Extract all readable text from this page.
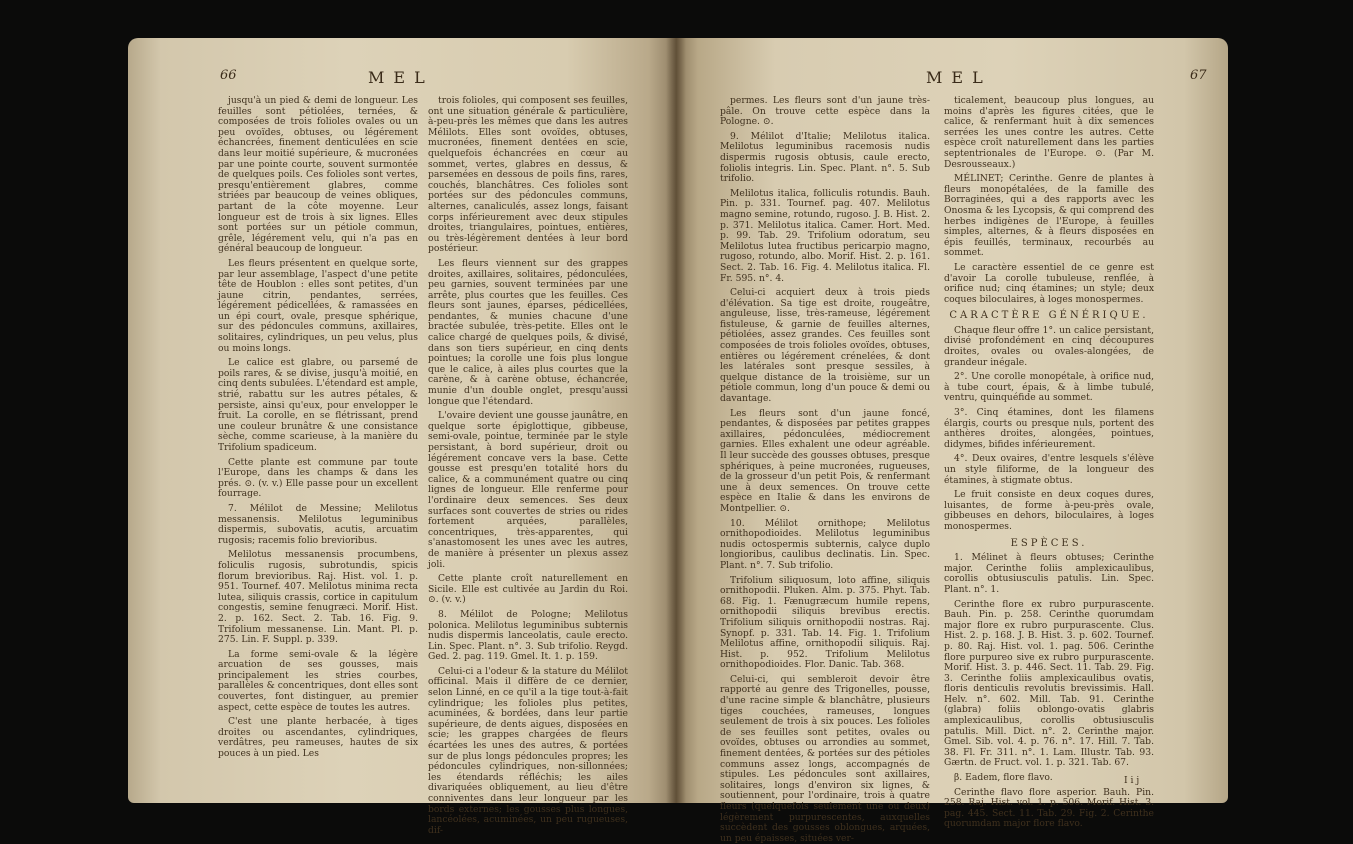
66	MEL

jusqu'à un pied & demi de longueur. Les feuilles sont pétiolées, ternées, & composées de trois folioles ovales ou un peu ovoïdes, obtuses, ou légérement échancrées, finement denticulées en scie dans leur moitié supérieure, & mucronées par une pointe courte, souvent surmontée de quelques poils. Ces folioles sont vertes, presqu'entièrement glabres, comme striées par beaucoup de veines obliques, partant de la côte moyenne. Leur longueur est de trois à six lignes. Elles sont portées sur un pétiole commun, grêle, légérement velu, qui n'a pas en général beaucoup de longueur.

Les fleurs présentent en quelque sorte, par leur assemblage, l'aspect d'une petite tête de Houblon : elles sont petites, d'un jaune citrin, pendantes, serrées, légérement pédicellées, & ramassées en un épi court, ovale, presque sphérique, sur des pédoncules communs, axillaires, solitaires, cylindriques, un peu velus, plus ou moins longs.

Le calice est glabre, ou parsemé de poils rares, & se divise, jusqu'à moitié, en cinq dents subulées. L'étendard est ample, strié, rabattu sur les autres pétales, & persiste, ainsi qu'eux, pour envelopper le fruit. La corolle, en se flétrissant, prend une couleur brunâtre & une consistance sèche, comme scarieuse, à la manière du Trifolium spadiceum.

Cette plante est commune par toute l'Europe, dans les champs & dans les prés. ⊙. (v. v.) Elle passe pour un excellent fourrage.

7. Mélilot de Messine; Melilotus messanensis. Melilotus leguminibus dispermis, subovatis, acutis, arcuatim rugosis; racemis folio brevioribus.

Melilotus messanensis procumbens, foliculis rugosis, subrotundis, spicis florum brevioribus. Raj. Hist. vol. 1. p. 951. Tournef. 407. Melilotus minima recta lutea, siliquis crassis, cortice in capitulum congestis, semine fenugræci. Morif. Hist. 2. p. 162. Sect. 2. Tab. 16. Fig. 9. Trifolium messanense. Lin. Mant. Pl. p. 275. Lin. F. Suppl. p. 339.

La forme semi-ovale & la légère arcuation de ses gousses, mais principalement les stries courbes, parallèles & concentriques, dont elles sont couvertes, font distinguer, au premier aspect, cette espèce de toutes les autres.

C'est une plante herbacée, à tiges droites ou ascendantes, cylindriques, verdâtres, peu rameuses, hautes de six pouces à un pied. Les

trois folioles, qui composent ses feuilles, ont une situation générale & particulière, à-peu-près les mêmes que dans les autres Mélilots. Elles sont ovoïdes, obtuses, mucronées, finement dentées en scie, quelquefois échancrées en cœur au sommet, vertes, glabres en dessus, & parsemées en dessous de poils fins, rares, couchés, blanchâtres. Ces folioles sont portées sur des pédoncules communs, alternes, canaliculés, assez longs, faisant corps inférieurement avec deux stipules droites, triangulaires, pointues, entières, ou très-légèrement dentées à leur bord postérieur.

Les fleurs viennent sur des grappes droites, axillaires, solitaires, pédonculées, peu garnies, souvent terminées par une arrête, plus courtes que les feuilles. Ces fleurs sont jaunes, éparses, pédicellées, pendantes, & munies chacune d'une bractée subulée, très-petite. Elles ont le calice chargé de quelques poils, & divisé, dans son tiers supérieur, en cinq dents pointues; la corolle une fois plus longue que le calice, à ailes plus courtes que la carène, & à carène obtuse, échancrée, munie d'un double onglet, presqu'aussi longue que l'étendard.

L'ovaire devient une gousse jaunâtre, en quelque sorte épiglottique, gibbeuse, semi-ovale, pointue, terminée par le style persistant, à bord supérieur, droit ou légérement concave vers la base. Cette gousse est presqu'en totalité hors du calice, & a communément quatre ou cinq lignes de longueur. Elle renferme pour l'ordinaire deux semences. Ses deux surfaces sont couvertes de stries ou rides fortement arquées, parallèles, concentriques, très-apparentes, qui s'anastomosent les unes avec les autres, de manière à présenter un plexus assez joli.

Cette plante croît naturellement en Sicile. Elle est cultivée au Jardin du Roi. ⊙. (v. v.)

8. Mélilot de Pologne; Melilotus polonica. Melilotus leguminibus subternis nudis dispermis lanceolatis, caule erecto. Lin. Spec. Plant. n°. 3. Sub trifolio. Reygd. Ged. 2. pag. 119. Gmel. It. 1. p. 159.

Celui-ci a l'odeur & la stature du Mélilot officinal. Mais il diffère de ce dernier, selon Linné, en ce qu'il a la tige tout-à-fait cylindrique; les folioles plus petites, acuminées, & bordées, dans leur partie supérieure, de dents aigues, disposées en scie; les grappes chargées de fleurs écartées les unes des autres, & portées sur de plus longs pédoncules propres; les pédoncules cylindriques, non-sillonnées; les étendards réfléchis; les ailes divariquées obliquement, au lieu d'être conniventes dans leur longueur par les bords externes; les gousses plus longues, lancéolées, acuminées, un peu rugueuses, dif-

MEL	67

permes. Les fleurs sont d'un jaune très-pâle. On trouve cette espèce dans la Pologne. ⊙.

9. Mélilot d'Italie; Melilotus italica. Melilotus leguminibus racemosis nudis dispermis rugosis obtusis, caule erecto, foliolis integris. Lin. Spec. Plant. n°. 5. Sub trifolio.

Melilotus italica, folliculis rotundis. Bauh. Pin. p. 331. Tournef. pag. 407. Melilotus magno semine, rotundo, rugoso. J. B. Hist. 2. p. 371. Melilotus italica. Camer. Hort. Med. p. 99. Tab. 29. Trifolium odoratum, seu Melilotus lutea fructibus pericarpio magno, rugoso, rotundo, albo. Morif. Hist. 2. p. 161. Sect. 2. Tab. 16. Fig. 4. Melilotus italica. Fl. Fr. 595. n°. 4.

Celui-ci acquiert deux à trois pieds d'élévation. Sa tige est droite, rougeâtre, anguleuse, lisse, très-rameuse, légérement fistuleuse, & garnie de feuilles alternes, pétiolées, assez grandes. Ces feuilles sont composées de trois folioles ovoïdes, obtuses, entières ou légérement crénelées, & dont les latérales sont presque sessiles, à quelque distance de la troisième, sur un pétiole commun, long d'un pouce & demi ou davantage.

Les fleurs sont d'un jaune foncé, pendantes, & disposées par petites grappes axillaires, pédonculées, médiocrement garnies. Elles exhalent une odeur agréable. Il leur succède des gousses obtuses, presque sphériques, à peine mucronées, rugueuses, de la grosseur d'un petit Pois, & renfermant une à deux semences. On trouve cette espèce en Italie & dans les environs de Montpellier. ⊙.

10. Mélilot ornithope; Melilotus ornithopodioides. Melilotus leguminibus nudis octospermis subternis, calyce duplo longioribus, caulibus declinatis. Lin. Spec. Plant. n°. 7. Sub trifolio.

Trifolium siliquosum, loto affine, siliquis ornithopodii. Pluken. Alm. p. 375. Phyt. Tab. 68. Fig. 1. Fænugræcum humile repens, ornithopodii siliquis brevibus erectis. Trifolium siliquis ornithopodii nostras. Raj. Synopf. p. 331. Tab. 14. Fig. 1. Trifolium Melilotus affine, ornithopodii siliquis. Raj. Hist. p. 952. Trifolium Melilotus ornithopodioides. Flor. Danic. Tab. 368.

Celui-ci, qui sembleroit devoir être rapporté au genre des Trigonelles, pousse, d'une racine simple & blanchâtre, plusieurs tiges couchées, rameuses, longues seulement de trois à six pouces. Les folioles de ses feuilles sont petites, ovales ou ovoïdes, obtuses ou arrondies au sommet, finement dentées, & portées sur des pétioles communs assez longs, accompagnés de stipules. Les pédoncules sont axillaires, solitaires, longs d'environ six lignes, & soutiennent, pour l'ordinaire, trois à quatre fleurs (quelquefois seulement une ou deux) légèrement purpurescentes, auxquelles succèdent des gousses oblongues, arquées, un peu épaisses, situées ver-

ticalement, beaucoup plus longues, au moins d'après les figures citées, que le calice, & renfermant huit à dix semences serrées les unes contre les autres. Cette espèce croît naturellement dans les parties septentrionales de l'Europe. ⊙. (Par M. Desrousseaux.)

MÉLINET; Cerinthe. Genre de plantes à fleurs monopétalées, de la famille des Borraginées, qui a des rapports avec les Onosma & les Lycopsis, & qui comprend des herbes indigènes de l'Europe, à feuilles simples, alternes, & à fleurs disposées en épis feuillés, terminaux, recourbés au sommet.

Le caractère essentiel de ce genre est d'avoir La corolle tubuleuse, renflée, à orifice nud; cinq étamines; un style; deux coques biloculaires, à loges monospermes.

CARACTÈRE GÉNÉRIQUE.

Chaque fleur offre 1°. un calice persistant, divisé profondément en cinq découpures droites, ovales ou ovales-alongées, de grandeur inégale.

2°. Une corolle monopétale, à orifice nud, à tube court, épais, & à limbe tubulé, ventru, quinquéfide au sommet.

3°. Cinq étamines, dont les filamens élargis, courts ou presque nuls, portent des anthères droites, alongées, pointues, didymes, bifides inférieurement.

4°. Deux ovaires, d'entre lesquels s'élève un style filiforme, de la longueur des étamines, à stigmate obtus.

Le fruit consiste en deux coques dures, luisantes, de forme à-peu-près ovale, gibbeuses en dehors, biloculaires, à loges monospermes.

ESPÈCES.

1. Mélinet à fleurs obtuses; Cerinthe major. Cerinthe foliis amplexicaulibus, corollis obtusiusculis patulis. Lin. Spec. Plant. n°. 1.

Cerinthe flore ex rubro purpurascente. Bauh. Pin. p. 258. Cerinthe quorumdam major flore ex rubro purpurascente. Clus. Hist. 2. p. 168. J. B. Hist. 3. p. 602. Tournef. p. 80. Raj. Hist. vol. 1. pag. 506. Cerinthe flore purpureo sive ex rubro purpurascente. Morif. Hist. 3. p. 446. Sect. 11. Tab. 29. Fig. 3. Cerinthe foliis amplexicaulibus ovatis, floris denticulis revolutis brevissimis. Hall. Helv. n°. 602. Mill. Tab. 91. Cerinthe (glabra) foliis oblongo-ovatis glabris amplexicaulibus, corollis obtusiusculis patulis. Mill. Dict. n°. 2. Cerinthe major. Gmel. Sib. vol. 4. p. 76. n°. 17. Hill. 7. Tab. 38. Fl. Fr. 311. n°. 1. Lam. Illustr. Tab. 93. Gærtn. de Fruct. vol. 1. p. 321. Tab. 67.

β. Eadem, flore flavo.

Cerinthe flavo flore asperior. Bauh. Pin. 258. Raj. Hist. vol. 1. p. 506. Morif. Hist. 3. pag. 445. Sect. 11. Tab. 29. Fig. 2. Cerinthe quorumdam major flore flavo.

I i j
